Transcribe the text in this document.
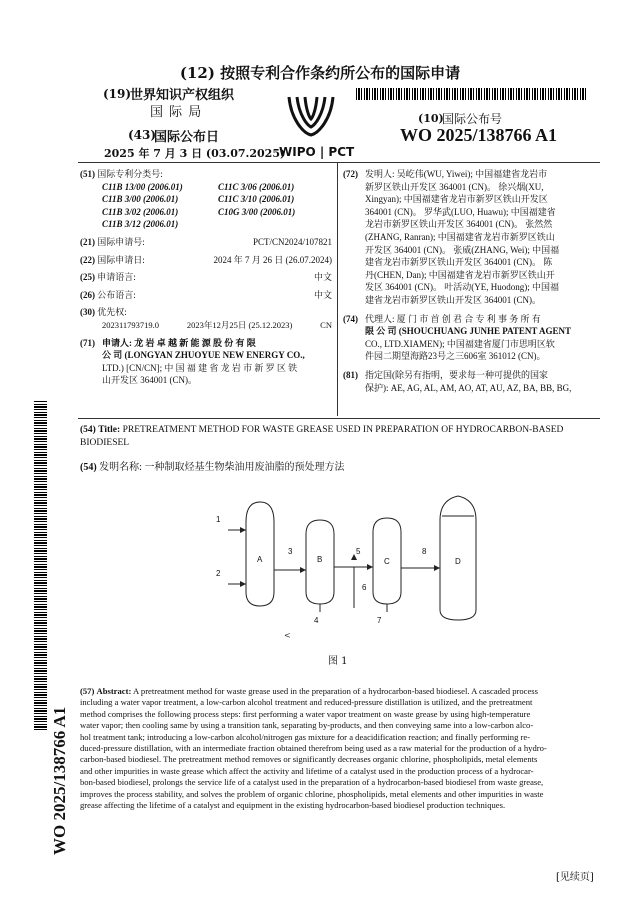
(12) 按照专利合作条约所公布的国际申请
(19)
世界知识产权组织
国 际 局
(43)
国际公布日
2025 年 7 月 3 日 (03.07.2025)
WIPO | PCT
(10)
国际公布号
WO 2025/138766 A1
(51) 国际专利分类号:
C11B 13/00 (2006.01)	C11C 3/06 (2006.01)
C11B 3/00 (2006.01)	C11C 3/10 (2006.01)
C11B 3/02 (2006.01)	C10G 3/00 (2006.01)
C11B 3/12 (2006.01)
(21) 国际申请号:	PCT/CN2024/107821
(22) 国际申请日:	2024 年 7 月 26 日 (26.07.2024)
(25) 申请语言:	中文
(26) 公布语言:	中文
(30) 优先权:
202311793719.0	2023年12月25日 (25.12.2023)	CN
(71) 申请人: 龙 岩 卓 越 新 能 源 股 份 有 限
公 司 (LONGYAN ZHUOYUE NEW ENERGY CO.,
LTD.) [CN/CN]; 中 国 福 建 省 龙 岩 市 新 罗 区 铁
山开发区 364001 (CN)。
(72) 发明人: 吴屹伟(WU, Yiwei); 中国福建省龙岩市
新罗区铁山开发区 364001 (CN)。 徐兴烟(XU,
Xingyan); 中国福建省龙岩市新罗区铁山开发区
364001 (CN)。 罗华武(LUO, Huawu); 中国福建省
龙岩市新罗区铁山开发区 364001 (CN)。 张然然
(ZHANG, Ranran); 中国福建省龙岩市新罗区铁山
开发区 364001 (CN)。 张威(ZHANG, Wei); 中国福
建省龙岩市新罗区铁山开发区 364001 (CN)。 陈
丹(CHEN, Dan); 中国福建省龙岩市新罗区铁山开
发区 364001 (CN)。 叶活动(YE, Huodong); 中国福
建省龙岩市新罗区铁山开发区 364001 (CN)。
(74) 代理人: 厦 门 市 首 创 君 合 专 利 事 务 所 有
限 公 司 (SHOUCHUANG JUNHE PATENT AGENT
CO., LTD.XIAMEN); 中国福建省厦门市思明区软
件园二期望海路23号之三606室 361012 (CN)。
(81) 指定国(除另有指明，要求每一种可提供的国家
保护): AE, AG, AL, AM, AO, AT, AU, AZ, BA, BB, BG,
(54) Title: PRETREATMENT METHOD FOR WASTE GREASE USED IN PREPARATION OF HYDROCARBON-BASED BIODIESEL
(54) 发明名称: 一种制取烃基生物柴油用废油脂的预处理方法
1
2
A
3
B
5
C
8
D
6
4	7
<
图 1
(57) Abstract: A pretreatment method for waste grease used in the preparation of a hydrocarbon-based biodiesel. A cascaded process
including a water vapor treatment, a low-carbon alcohol treatment and reduced-pressure distillation is utilized, and the pretreatment
method comprises the following process steps: first performing a water vapor treatment on waste grease by using high-temperature
water vapor; then cooling same by using a transition tank, separating by-products, and then conveying same into a low-carbon alco-
hol treatment tank; introducing a low-carbon alcohol/nitrogen gas mixture for a deacidification reaction; and finally performing re-
duced-pressure distillation, with an intermediate fraction obtained therefrom being used as a raw material for the production of a hydro-
carbon-based biodiesel. The pretreatment method removes or significantly decreases organic chlorine, phospholipids, metal elements
and other impurities in waste grease which affect the activity and lifetime of a catalyst used in the production process of a hydrocar-
bon-based biodiesel, prolongs the service life of a catalyst used in the preparation of a hydrocarbon-based biodiesel from waste grease,
improves the process stability, and solves the problem of organic chlorine, phospholipids, metal elements and other impurities in waste
grease affecting the lifetime of a catalyst and equipment in the existing hydrocarbon-based biodiesel production techniques.
WO 2025/138766 A1
[见续页]
